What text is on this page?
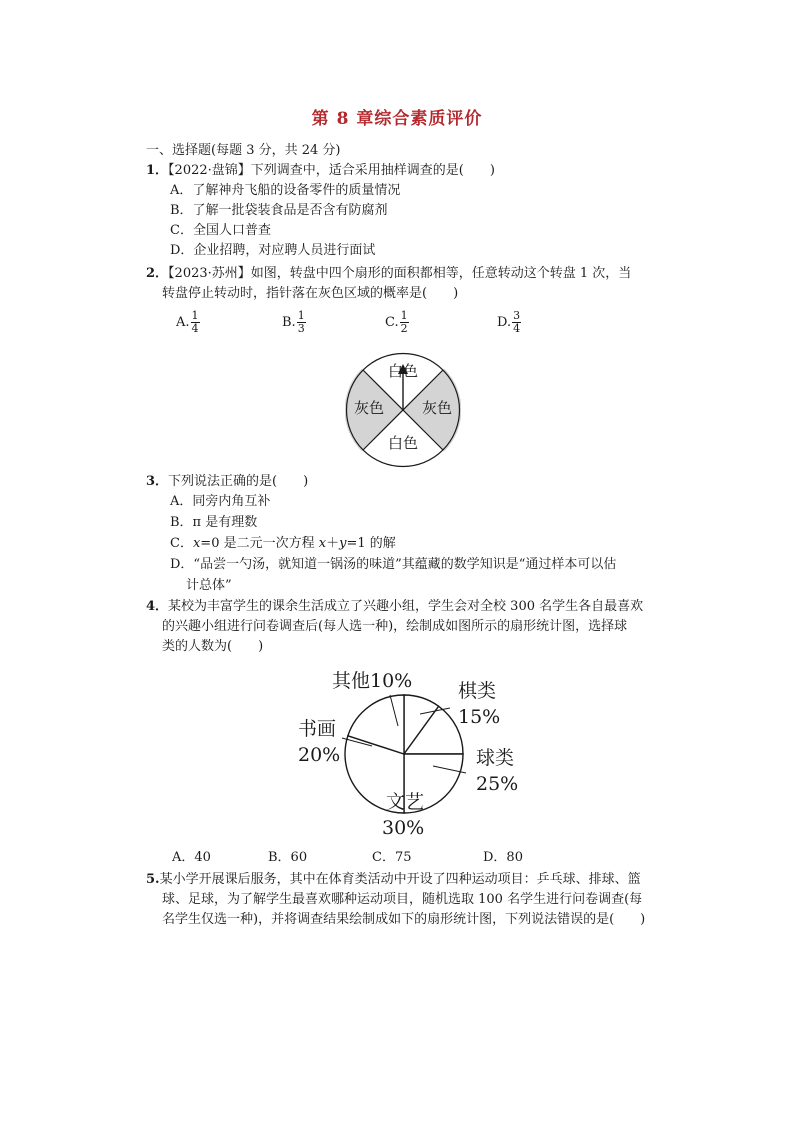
第 8 章综合素质评价
一、选择题(每题 3 分，共 24 分)
1．【2022·盘锦】下列调查中，适合采用抽样调查的是(　　)
A．了解神舟飞船的设备零件的质量情况
B．了解一批袋装食品是否含有防腐剂
C．全国人口普查
D．企业招聘，对应聘人员进行面试
2．【2023·苏州】如图，转盘中四个扇形的面积都相等，任意转动这个转盘 1 次，当
转盘停止转动时，指针落在灰色区域的概率是(　　)
A. $\frac{1}{4}$	B. $\frac{1}{3}$	C. $\frac{1}{2}$	D. $\frac{3}{4}$
白色
白色
灰色	灰色
3．下列说法正确的是(　　)
A．同旁内角互补
B．π 是有理数
C．x=0 是二元一次方程 x＋y=1 的解
D．“品尝一勺汤，就知道一锅汤的味道”其蕴藏的数学知识是“通过样本可以估
计总体”
4．某校为丰富学生的课余生活成立了兴趣小组，学生会对全校 300 名学生各自最喜欢
的兴趣小组进行问卷调查后(每人选一种)，绘制成如图所示的扇形统计图，选择球
类的人数为(　　)
其他10% 棋类
15%
球类
25%
文艺
30%
书画
20%
A．40	B．60	C．75	D．80
5.某小学开展课后服务，其中在体育类活动中开设了四种运动项目：乒乓球、排球、篮
球、足球，为了解学生最喜欢哪种运动项目，随机选取 100 名学生进行问卷调查(每
名学生仅选一种)，并将调查结果绘制成如下的扇形统计图，下列说法错误的是(　　)
